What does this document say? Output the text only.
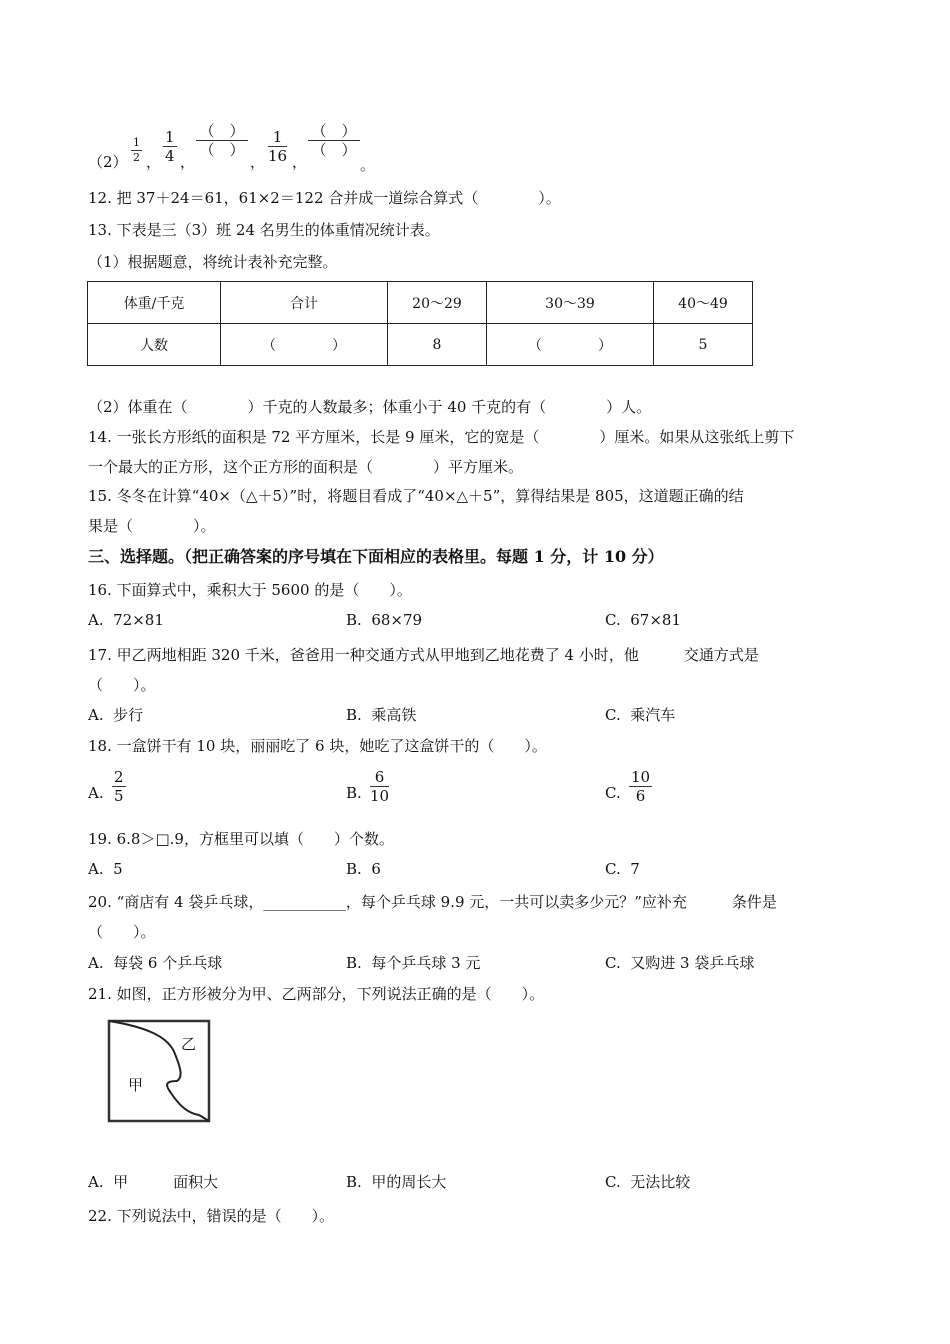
$(2) \frac{1}{2}$ ， $\frac{1}{4}$ ，
（　）
（　）
， $\frac{1}{16}$ ，
（　）
（　）
。
12. 把 37＋24＝61，61×2＝122 合并成一道综合算式（　　　　）。
13. 下表是三（3）班 24 名男生的体重情况统计表。
（1）根据题意，将统计表补充完整。
体重/千克	合计	20～29	30～39	40～49
人数	（　　　　）	8	（　　　　）	5
（2）体重在（　　　　）千克的人数最多；体重小于 40 千克的有（　　　　）人。
14. 一张长方形纸的面积是 72 平方厘米，长是 9 厘米，它的宽是（　　　　）厘米。如果从这张纸上剪下
一个最大的正方形，这个正方形的面积是（　　　　）平方厘米。
15. 冬冬在计算“40×（△＋5）”时，将题目看成了“40×△＋5”，算得结果是 805，这道题正确的结
果是（　　　　）。
三、选择题。（把正确答案的序号填在下面相应的表格里。每题 1 分，计 10 分）
16. 下面算式中，乘积大于 5600 的是（　　）。
A.  72×81	B.  68×79	C.  67×81
17. 甲乙两地相距 320 千米，爸爸用一种交通方式从甲地到乙地花费了 4 小时，他　　　交通方式是
（　　）。
A.  步行	B.  乘高铁	C.  乘汽车
18. 一盒饼干有 10 块，丽丽吃了 6 块，她吃了这盒饼干的（　　）。
A. $\frac{2}{5}$	B. $\frac{6}{10}$	C. $\frac{10}{6}$
19. 6.8＞□.9，方框里可以填（　　）个数。
A.  5	B.  6	C.  7
20. “商店有 4 袋乒乓球，___________，每个乒乓球 9.9 元，一共可以卖多少元？”应补充　　　条件是
（　　）。
A.  每袋 6 个乒乓球	B.  每个乒乓球 3 元	C.  又购进 3 袋乒乓球
21. 如图，正方形被分为甲、乙两部分，下列说法正确的是（　　）。
甲
乙
A.  甲　　　面积大	B.  甲的周长大	C.  无法比较
22. 下列说法中，错误的是（　　）。
